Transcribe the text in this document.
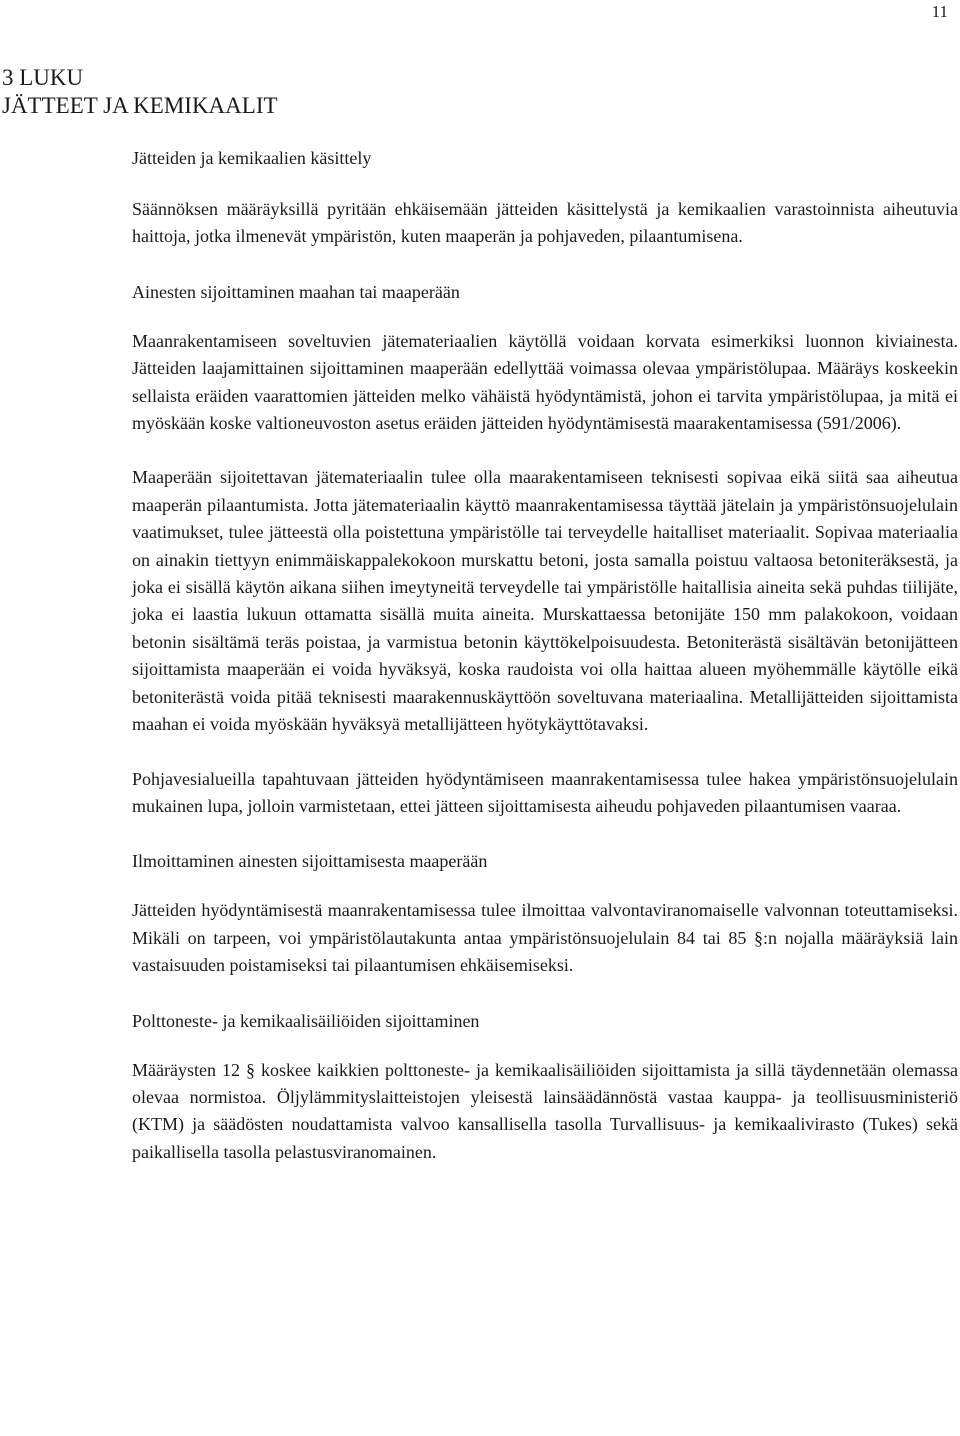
11
3 LUKU
JÄTTEET JA KEMIKAALIT

Jätteiden ja kemikaalien käsittely

Säännöksen määräyksillä pyritään ehkäisemään jätteiden käsittelystä ja kemikaalien varastoinnista aiheutuvia haittoja, jotka ilmenevät ympäristön, kuten maaperän ja pohjaveden, pilaantumisena.

Ainesten sijoittaminen maahan tai maaperään

Maanrakentamiseen soveltuvien jätemateriaalien käytöllä voidaan korvata esimerkiksi luonnon kiviainesta. Jätteiden laajamittainen sijoittaminen maaperään edellyttää voimassa olevaa ympäristölupaa. Määräys koskeekin sellaista eräiden vaarattomien jätteiden melko vähäistä hyödyntämistä, johon ei tarvita ympäristölupaa, ja mitä ei myöskään koske valtioneuvoston asetus eräiden jätteiden hyödyntämisestä maarakentamisessa (591/2006).

Maaperään sijoitettavan jätemateriaalin tulee olla maarakentamiseen teknisesti sopivaa eikä siitä saa aiheutua maaperän pilaantumista. Jotta jätemateriaalin käyttö maanrakentamisessa täyttää jätelain ja ympäristönsuojelulain vaatimukset, tulee jätteestä olla poistettuna ympäristölle tai terveydelle haitalliset materiaalit. Sopivaa materiaalia on ainakin tiettyyn enimmäiskappalekokoon murskattu betoni, josta samalla poistuu valtaosa betoniteräksestä, ja joka ei sisällä käytön aikana siihen imeytyneitä terveydelle tai ympäristölle haitallisia aineita sekä puhdas tiilijäte, joka ei laastia lukuun ottamatta sisällä muita aineita. Murskattaessa betonijäte 150 mm palakokoon, voidaan betonin sisältämä teräs poistaa, ja varmistua betonin käyttökelpoisuudesta. Betoniterästä sisältävän betonijätteen sijoittamista maaperään ei voida hyväksyä, koska raudoista voi olla haittaa alueen myöhemmälle käytölle eikä betoniterästä voida pitää teknisesti maarakennuskäyttöön soveltuvana materiaalina. Metallijätteiden sijoittamista maahan ei voida myöskään hyväksyä metallijätteen hyötykäyttötavaksi.

Pohjavesialueilla tapahtuvaan jätteiden hyödyntämiseen maanrakentamisessa tulee hakea ympäristönsuojelulain mukainen lupa, jolloin varmistetaan, ettei jätteen sijoittamisesta aiheudu pohjaveden pilaantumisen vaaraa.

Ilmoittaminen ainesten sijoittamisesta maaperään

Jätteiden hyödyntämisestä maanrakentamisessa tulee ilmoittaa valvontaviranomaiselle valvonnan toteuttamiseksi. Mikäli on tarpeen, voi ympäristölautakunta antaa ympäristönsuojelulain 84 tai 85 §:n nojalla määräyksiä lain vastaisuuden poistamiseksi tai pilaantumisen ehkäisemiseksi.

Polttoneste- ja kemikaalisäiliöiden sijoittaminen

Määräysten 12 § koskee kaikkien polttoneste- ja kemikaalisäiliöiden sijoittamista ja sillä täydennetään olemassa olevaa normistoa. Öljylämmityslaitteistojen yleisestä lainsäädännöstä vastaa kauppa- ja teollisuusministeriö (KTM) ja säädösten noudattamista valvoo kansallisella tasolla Turvallisuus- ja kemikaalivirasto (Tukes) sekä paikallisella tasolla pelastusviranomainen.
